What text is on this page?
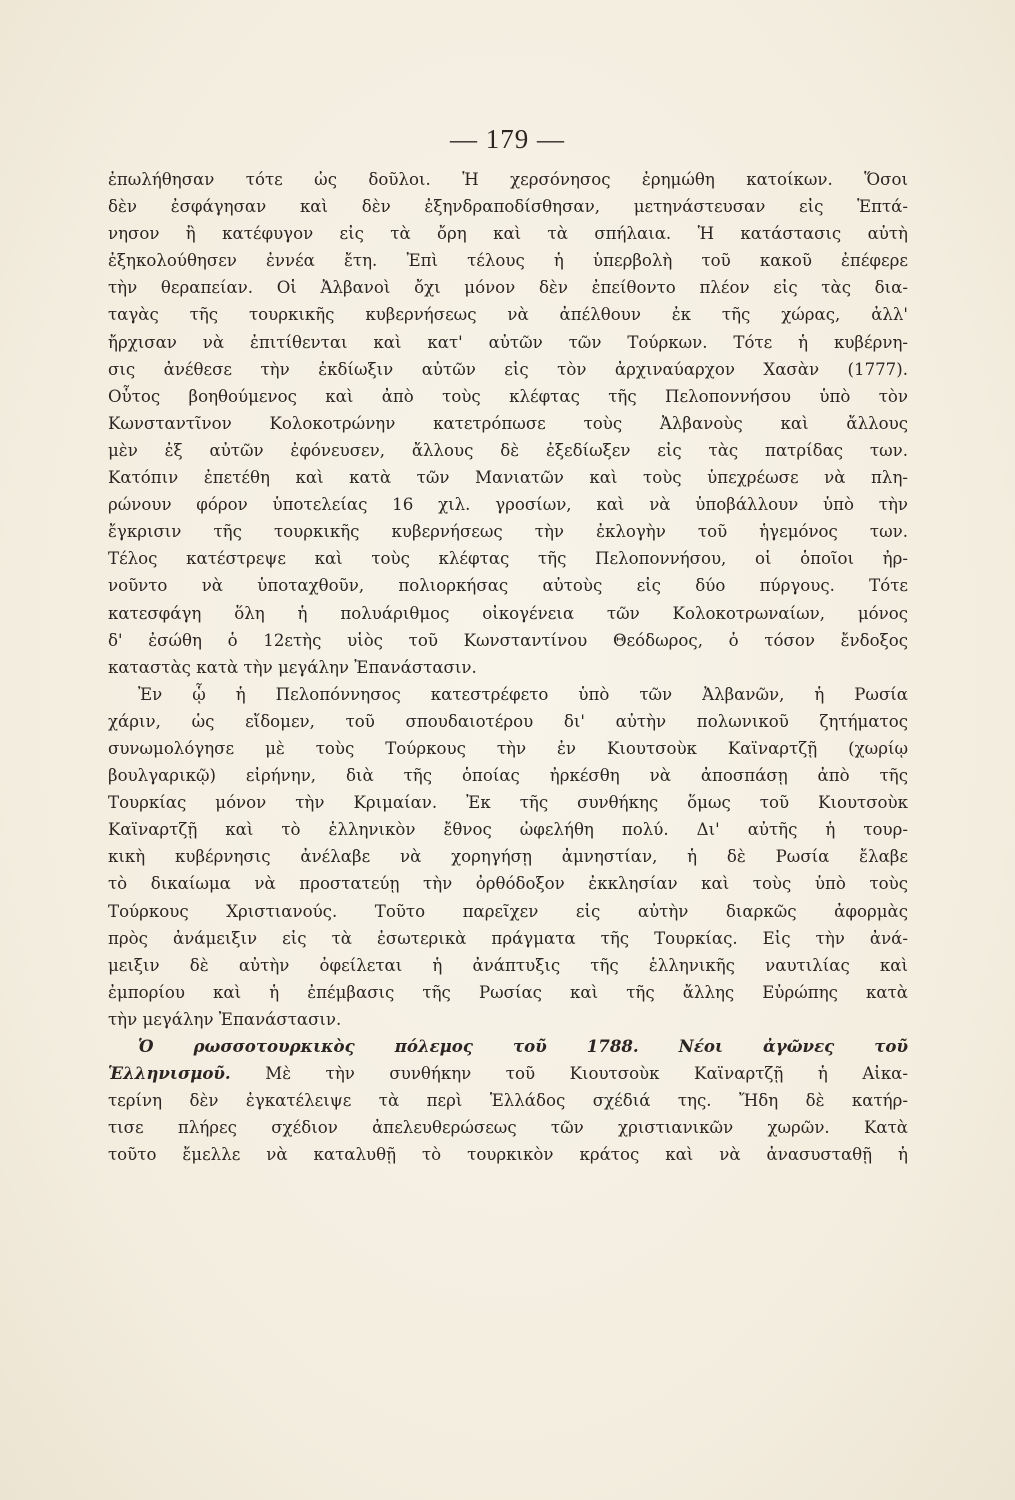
— 179 —

ἐπωλήθησαν τότε ὡς δοῦλοι. Ἡ χερσόνησος ἐρημώθη κατοίκων. Ὅσοι
δὲν ἐσφάγησαν καὶ δὲν ἐξηνδραποδίσθησαν, μετηνάστευσαν εἰς Ἑπτά-
νησον ἢ κατέφυγον εἰς τὰ ὄρη καὶ τὰ σπήλαια. Ἡ κατάστασις αὐτὴ
ἐξηκολούθησεν ἐννέα ἔτη. Ἐπὶ τέλους ἡ ὑπερβολὴ τοῦ κακοῦ ἐπέφερε
τὴν θεραπείαν. Οἱ Ἀλβανοὶ ὄχι μόνον δὲν ἐπείθοντο πλέον εἰς τὰς δια-
ταγὰς τῆς τουρκικῆς κυβερνήσεως νὰ ἀπέλθουν ἐκ τῆς χώρας, ἀλλ'
ἤρχισαν νὰ ἐπιτίθενται καὶ κατ' αὐτῶν τῶν Τούρκων. Τότε ἡ κυβέρνη-
σις ἀνέθεσε τὴν ἐκδίωξιν αὐτῶν εἰς τὸν ἀρχιναύαρχον Χασὰν (1777).
Οὗτος βοηθούμενος καὶ ἀπὸ τοὺς κλέφτας τῆς Πελοποννήσου ὑπὸ τὸν
Κωνσταντῖνον Κολοκοτρώνην κατετρόπωσε τοὺς Ἀλβανοὺς καὶ ἄλλους
μὲν ἐξ αὐτῶν ἐφόνευσεν, ἄλλους δὲ ἐξεδίωξεν εἰς τὰς πατρίδας των.
Κατόπιν ἐπετέθη καὶ κατὰ τῶν Μανιατῶν καὶ τοὺς ὑπεχρέωσε νὰ πλη-
ρώνουν φόρον ὑποτελείας 16 χιλ. γροσίων, καὶ νὰ ὑποβάλλουν ὑπὸ τὴν
ἔγκρισιν τῆς τουρκικῆς κυβερνήσεως τὴν ἐκλογὴν τοῦ ἡγεμόνος των.
Τέλος κατέστρεψε καὶ τοὺς κλέφτας τῆς Πελοποννήσου, οἱ ὁποῖοι ἠρ-
νοῦντο νὰ ὑποταχθοῦν, πολιορκήσας αὐτοὺς εἰς δύο πύργους. Τότε
κατεσφάγη ὅλη ἡ πολυάριθμος οἰκογένεια τῶν Κολοκοτρωναίων, μόνος
δ' ἐσώθη ὁ 12ετὴς υἱὸς τοῦ Κωνσταντίνου Θεόδωρος, ὁ τόσον ἔνδοξος
καταστὰς κατὰ τὴν μεγάλην Ἐπανάστασιν.

Ἐν ᾧ ἡ Πελοπόννησος κατεστρέφετο ὑπὸ τῶν Ἀλβανῶν, ἡ Ρωσία
χάριν, ὡς εἴδομεν, τοῦ σπουδαιοτέρου δι' αὐτὴν πολωνικοῦ ζητήματος
συνωμολόγησε μὲ τοὺς Τούρκους τὴν ἐν Κιουτσοὺκ Καϊναρτζῇ (χωρίῳ
βουλγαρικῷ) εἰρήνην, διὰ τῆς ὁποίας ἠρκέσθη νὰ ἀποσπάσῃ ἀπὸ τῆς
Τουρκίας μόνον τὴν Κριμαίαν. Ἐκ τῆς συνθήκης ὅμως τοῦ Κιουτσοὺκ
Καϊναρτζῇ καὶ τὸ ἑλληνικὸν ἔθνος ὠφελήθη πολύ. Δι' αὐτῆς ἡ τουρ-
κικὴ κυβέρνησις ἀνέλαβε νὰ χορηγήσῃ ἀμνηστίαν, ἡ δὲ Ρωσία ἔλαβε
τὸ δικαίωμα νὰ προστατεύῃ τὴν ὀρθόδοξον ἐκκλησίαν καὶ τοὺς ὑπὸ τοὺς
Τούρκους Χριστιανούς. Τοῦτο παρεῖχεν εἰς αὐτὴν διαρκῶς ἀφορμὰς
πρὸς ἀνάμειξιν εἰς τὰ ἐσωτερικὰ πράγματα τῆς Τουρκίας. Εἰς τὴν ἀνά-
μειξιν δὲ αὐτὴν ὀφείλεται ἡ ἀνάπτυξις τῆς ἑλληνικῆς ναυτιλίας καὶ
ἐμπορίου καὶ ἡ ἐπέμβασις τῆς Ρωσίας καὶ τῆς ἄλλης Εὐρώπης κατὰ
τὴν μεγάλην Ἐπανάστασιν.

Ὁ ρωσσοτουρκικὸς πόλεμος τοῦ 1788. Νέοι ἀγῶνες τοῦ
Ἑλληνισμοῦ. Μὲ τὴν συνθήκην τοῦ Κιουτσοὺκ Καϊναρτζῇ ἡ Αἰκα-
τερίνη δὲν ἐγκατέλειψε τὰ περὶ Ἑλλάδος σχέδιά της. Ἤδη δὲ κατήρ-
τισε πλήρες σχέδιον ἀπελευθερώσεως τῶν χριστιανικῶν χωρῶν. Κατὰ
τοῦτο ἔμελλε νὰ καταλυθῇ τὸ τουρκικὸν κράτος καὶ νὰ ἀνασυσταθῇ ἡ
